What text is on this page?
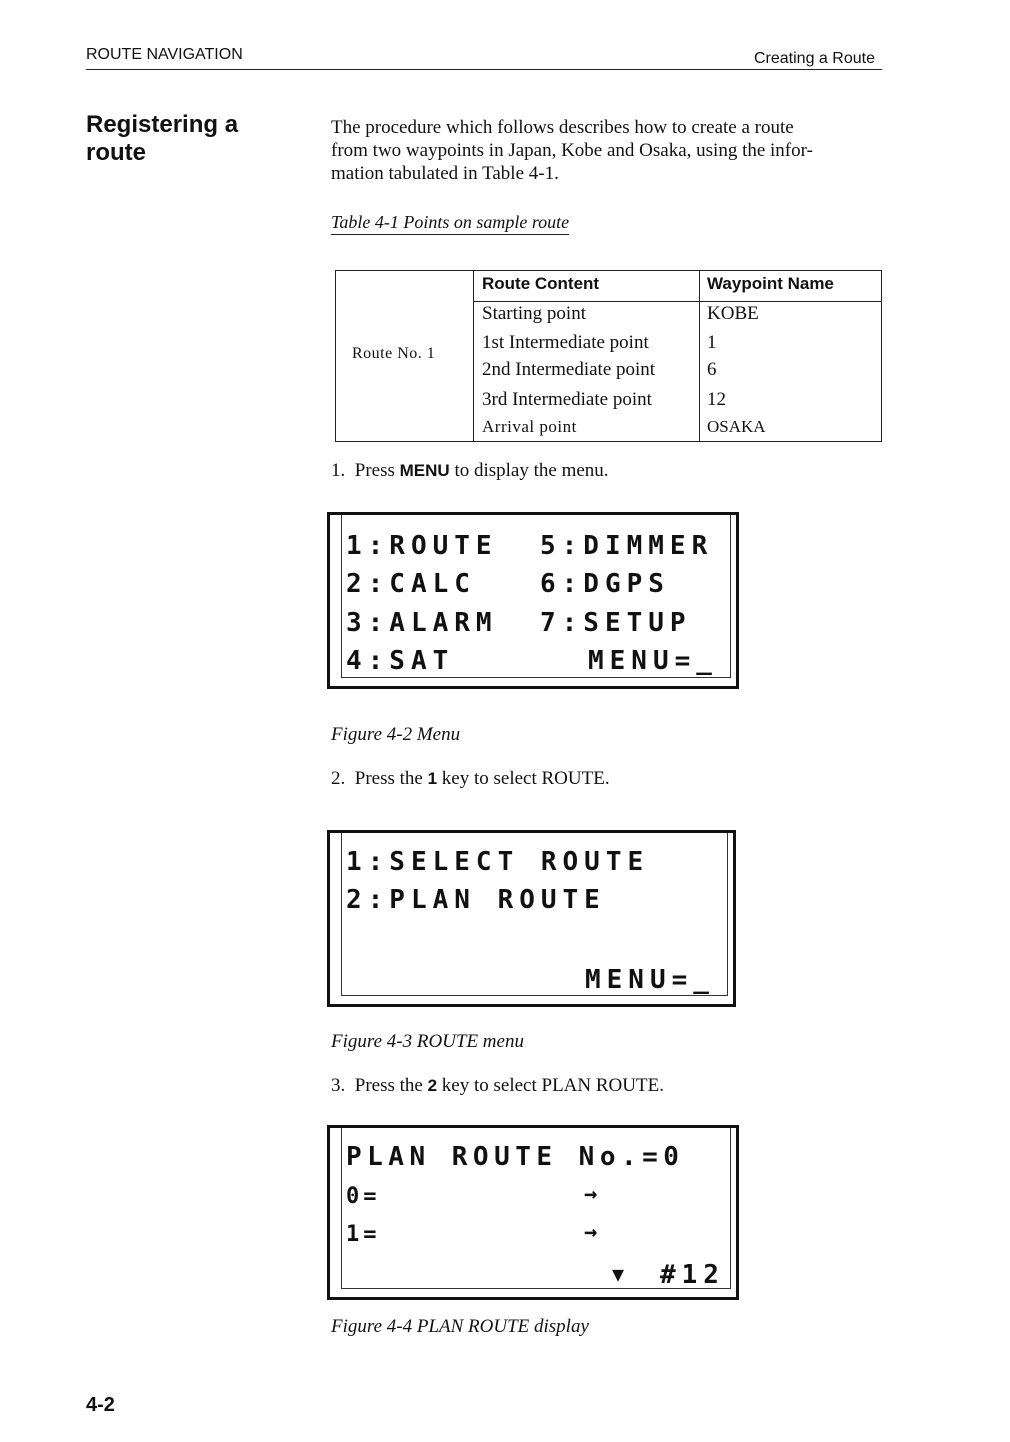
ROUTE NAVIGATION	Creating a Route
Registering a
route
The procedure which follows describes how to create a route
from two waypoints in Japan, Kobe and Osaka, using the infor-
mation tabulated in Table 4-1.
Table 4-1 Points on sample route
Route No. 1
Route Content	Waypoint Name
Starting point	KOBE
1st Intermediate point	1
2nd Intermediate point	6
3rd Intermediate point	12
Arrival point	OSAKA
1. Press MENU to display the menu.
1:ROUTE 5:DIMMER
2:CALC 6:DGPS
3:ALARM 7:SETUP
4:SAT	MENU=_
Figure 4-2 Menu
2. Press the 1 key to select ROUTE.
1:SELECT ROUTE
2:PLAN ROUTE
MENU=_
Figure 4-3 ROUTE menu
3. Press the 2 key to select PLAN ROUTE.
PLAN ROUTE No.=0
0=	→
1=	→
▼ #12
Figure 4-4 PLAN ROUTE display
4-2
